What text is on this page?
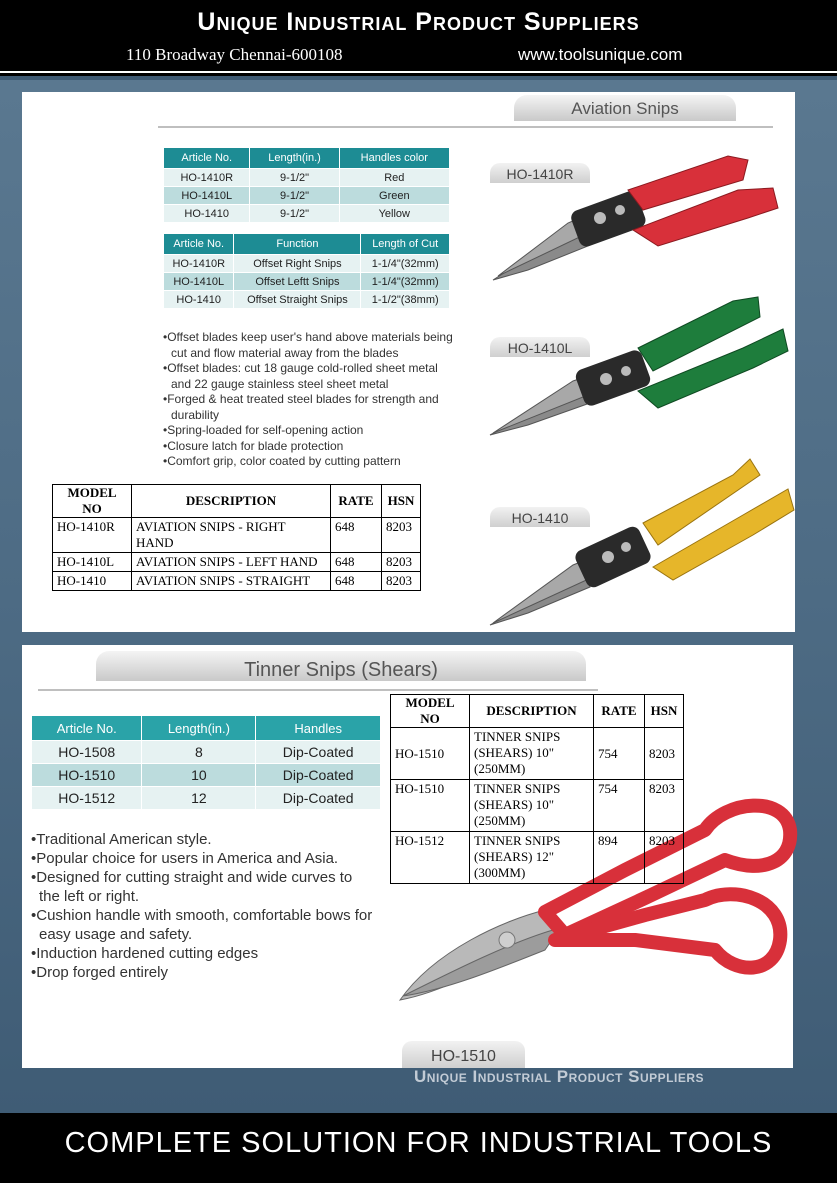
Unique Industrial Product Suppliers
110 Broadway Chennai-600108	www.toolsunique.com
Aviation Snips
Article No.	Length(in.)	Handles color
HO-1410R	9-1/2"	Red
HO-1410L	9-1/2"	Green
HO-1410	9-1/2"	Yellow
Article No.	Function	Length of Cut
HO-1410R	Offset Right Snips	1-1/4"(32mm)
HO-1410L	Offset Leftt Snips	1-1/4"(32mm)
HO-1410	Offset Straight Snips	1-1/2"(38mm)
•Offset blades keep user's hand above materials being cut and flow material away from the blades
•Offset blades: cut 18 gauge cold-rolled sheet metal and 22 gauge stainless steel sheet metal
•Forged & heat treated steel blades for strength and durability
•Spring-loaded for self-opening action
•Closure latch for blade protection
•Comfort grip, color coated by cutting pattern
MODEL NO	DESCRIPTION	RATE	HSN
HO-1410R	AVIATION SNIPS - RIGHT HAND	648	8203
HO-1410L	AVIATION SNIPS - LEFT HAND	648	8203
HO-1410	AVIATION SNIPS - STRAIGHT	648	8203
HO-1410R
HO-1410L
HO-1410
Tinner Snips (Shears)
Article No.	Length(in.)	Handles
HO-1508	8	Dip-Coated
HO-1510	10	Dip-Coated
HO-1512	12	Dip-Coated
•Traditional American style.
•Popular choice for users in America and Asia.
•Designed for cutting straight and wide curves to the left or right.
•Cushion handle with smooth, comfortable bows for easy usage and safety.
•Induction hardened cutting edges
•Drop forged entirely
MODEL NO	DESCRIPTION	RATE	HSN
HO-1510	TINNER SNIPS (SHEARS) 10" (250MM)	754	8203
HO-1510	TINNER SNIPS (SHEARS) 10" (250MM)	754	8203
HO-1512	TINNER SNIPS (SHEARS) 12" (300MM)	894	8203
HO-1510
Unique Industrial Product Suppliers
COMPLETE SOLUTION FOR INDUSTRIAL TOOLS
